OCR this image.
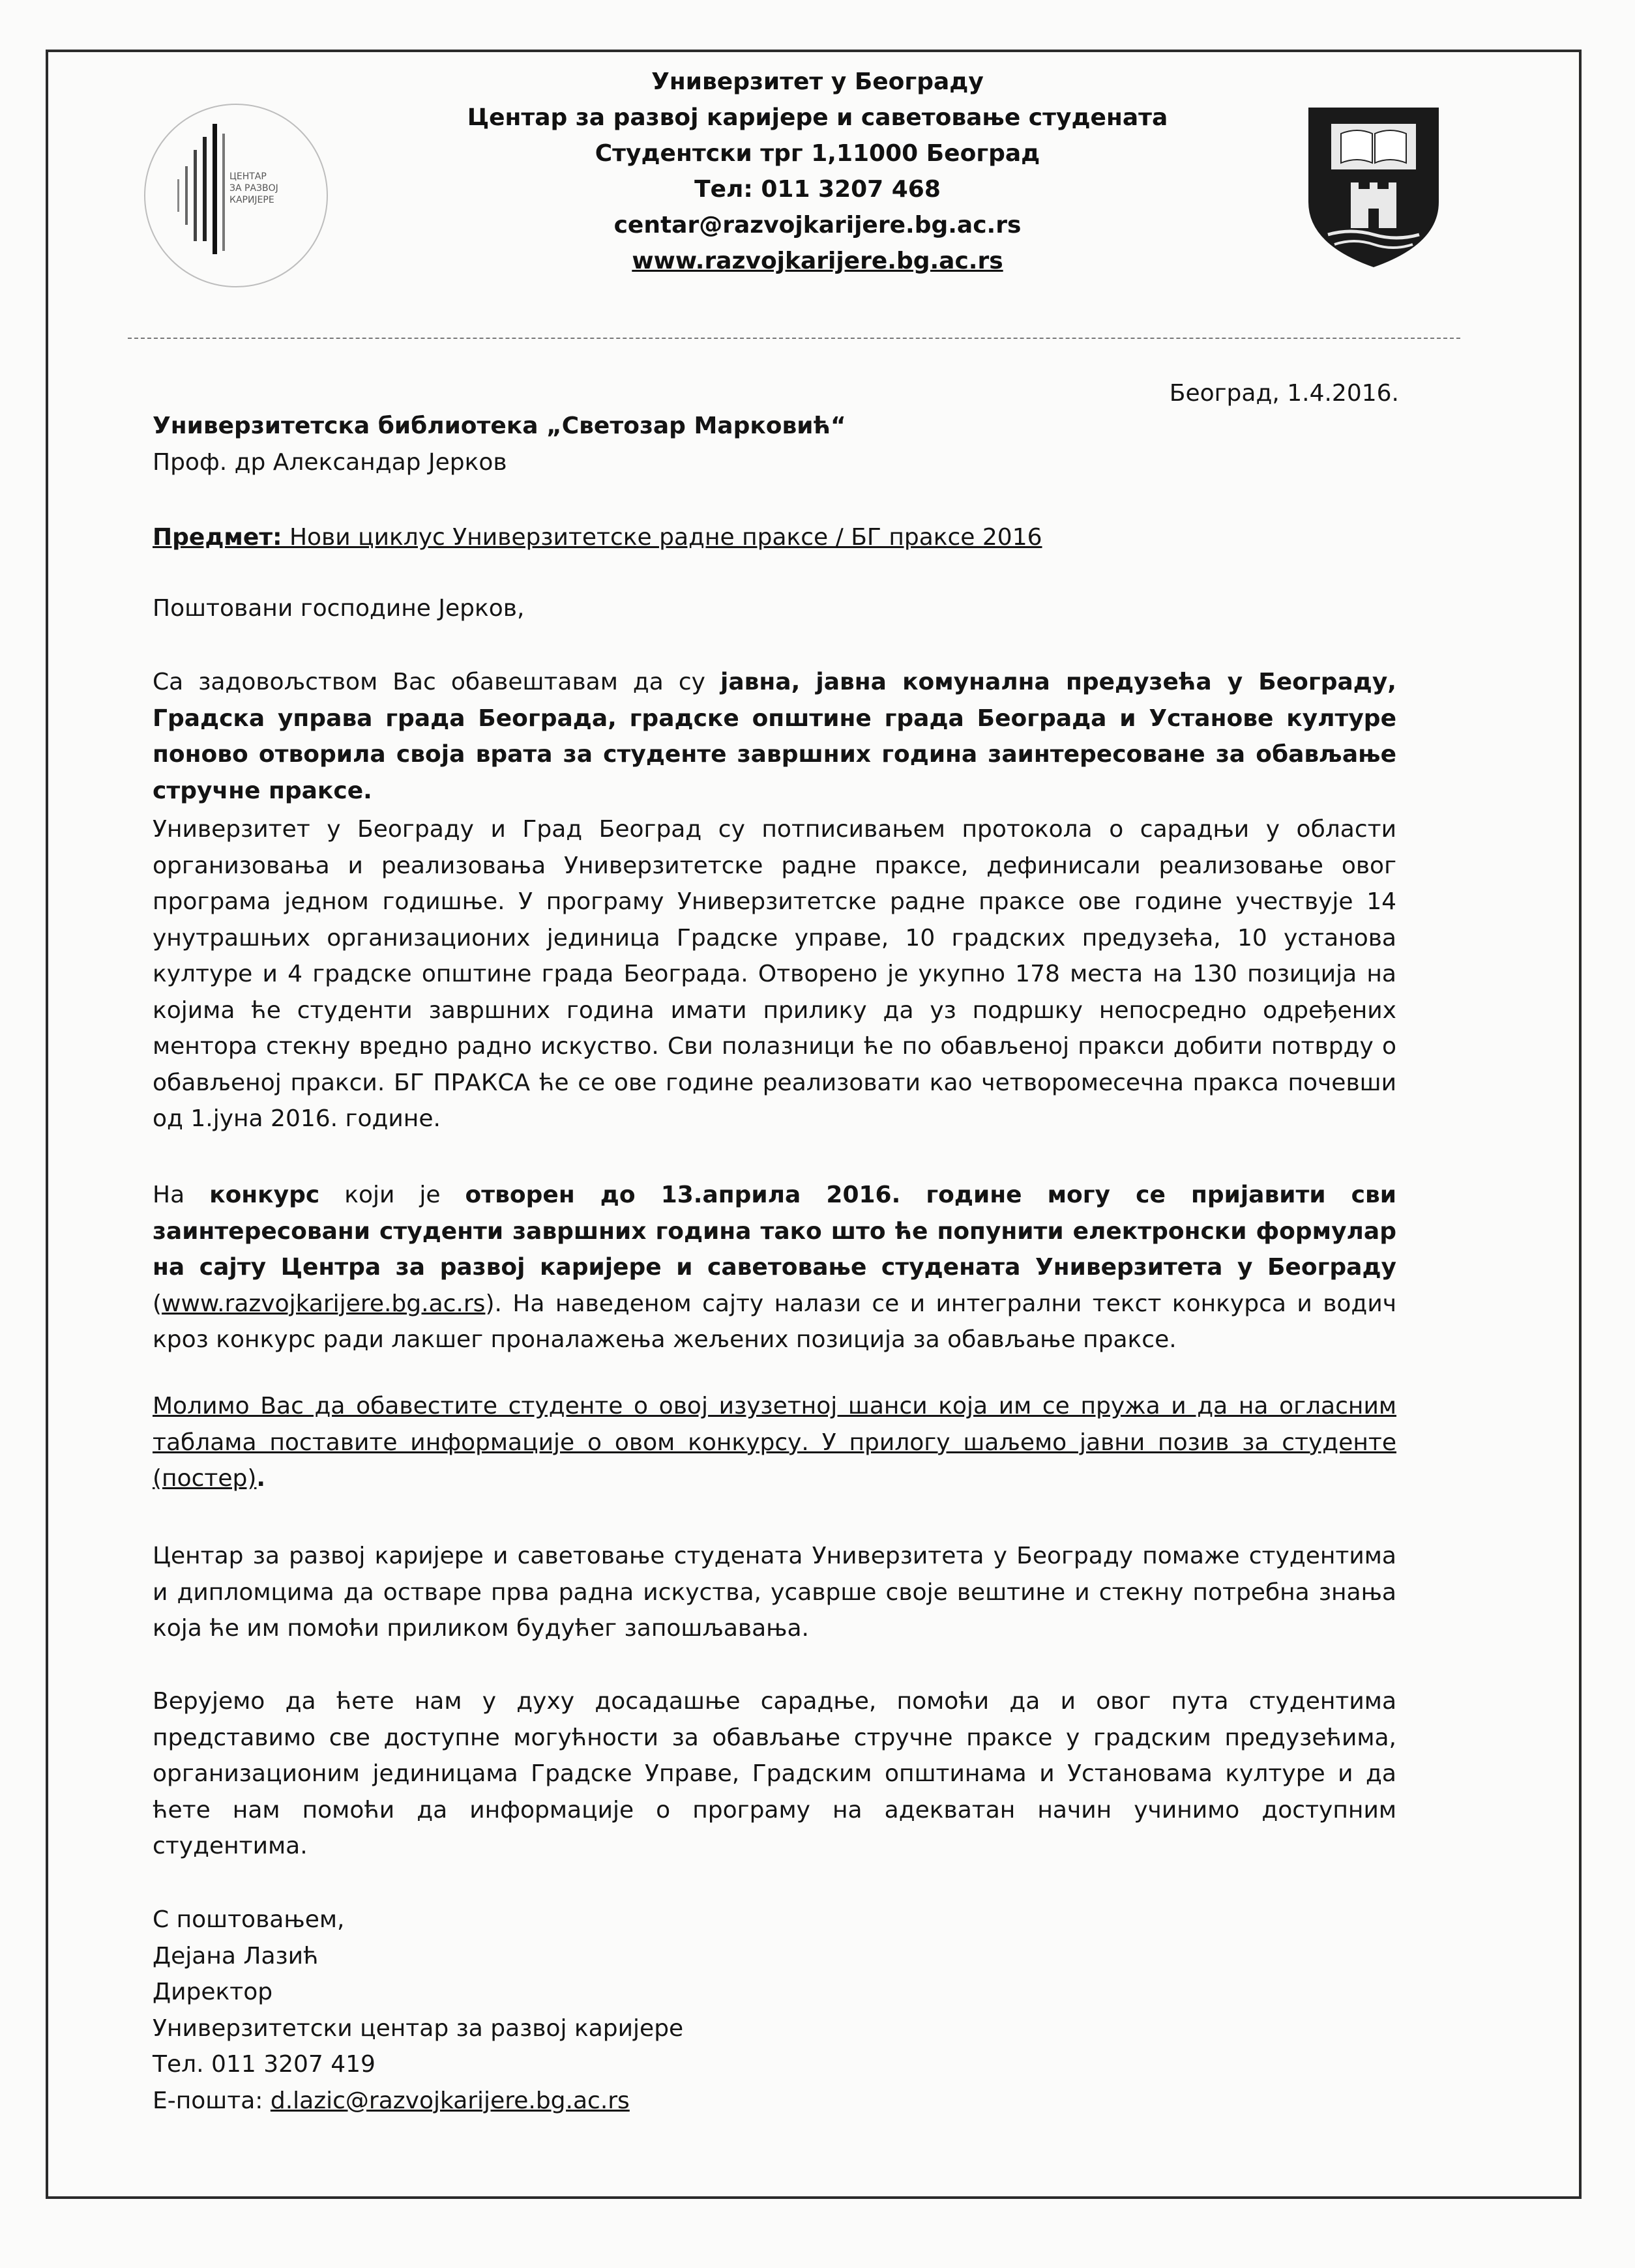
ЦЕНТАР
ЗА РАЗВОЈ
КАРИЈЕРЕ
Универзитет у Београду
Центар за развој каријере и саветовање студената
Студентски трг 1,11000 Београд
Тел: 011 3207 468
centar@razvojkarijere.bg.ac.rs
www.razvojkarijere.bg.ac.rs
Београд, 1.4.2016.
Универзитетска библиотека „Светозар Марковић“
Проф. др Александар Јерков
Предмет: Нови циклус Универзитетске радне праксе / БГ праксе 2016
Поштовани господине Јерков,
Са задовољством Вас обавештавам да су јавна, јавна комунална предузећа у Београду, Градска управа града Београда, градске општине града Београда и Установе културе поново отворила своја врата за студенте завршних година заинтересоване за обављање стручне праксе.
Универзитет у Београду и Град Београд су потписивањем протокола о сарадњи у области организовања и реализовања Универзитетске радне праксе, дефинисали реализовање овог програма једном годишње. У програму Универзитетске радне праксе ове године учествује 14 унутрашњих организационих јединица Градске управе, 10 градских предузећа, 10 установа културе и 4 градске општине града Београда. Отворено је укупно 178 места на 130 позиција на којима ће студенти завршних година имати прилику да уз подршку непосредно одређених ментора стекну вредно радно искуство. Сви полазници ће по обављеној пракси добити потврду о обављеној пракси. БГ ПРАКСА ће се ове године реализовати као четворомесечна пракса почевши од 1.јуна 2016. године.
На конкурс који је отворен до 13.априла 2016. године могу се пријавити сви заинтересовани студенти завршних година тако што ће попунити електронски формулар на сајту Центра за развој каријере и саветовање студената Универзитета у Београду (www.razvojkarijere.bg.ac.rs). На наведеном сајту налази се и интегрални текст конкурса и водич кроз конкурс ради лакшег проналажења жељених позиција за обављање праксе.
Молимо Вас да обавестите студенте о овој изузетној шанси која им се пружа и да на огласним таблама поставите информације о овом конкурсу. У прилогу шаљемо јавни позив за студенте (постер).
Центар за развој каријере и саветовање студената Универзитета у Београду помаже студентима и дипломцима да остваре прва радна искуства, усаврше своје вештине и стекну потребна знања која ће им помоћи приликом будућег запошљавања.
Верујемо да ћете нам у духу досадашње сарадње, помоћи да и овог пута студентима представимо све доступне могућности за обављање стручне праксе у градским предузећима, организационим јединицама Градске Управе, Градским општинама и Установама културе и да ћете нам помоћи да информације о програму на адекватан начин учинимо доступним студентима.
С поштовањем,
Дејана Лазић
Директор
Универзитетски центар за развој каријере
Тел. 011 3207 419
Е-пошта: d.lazic@razvojkarijere.bg.ac.rs
